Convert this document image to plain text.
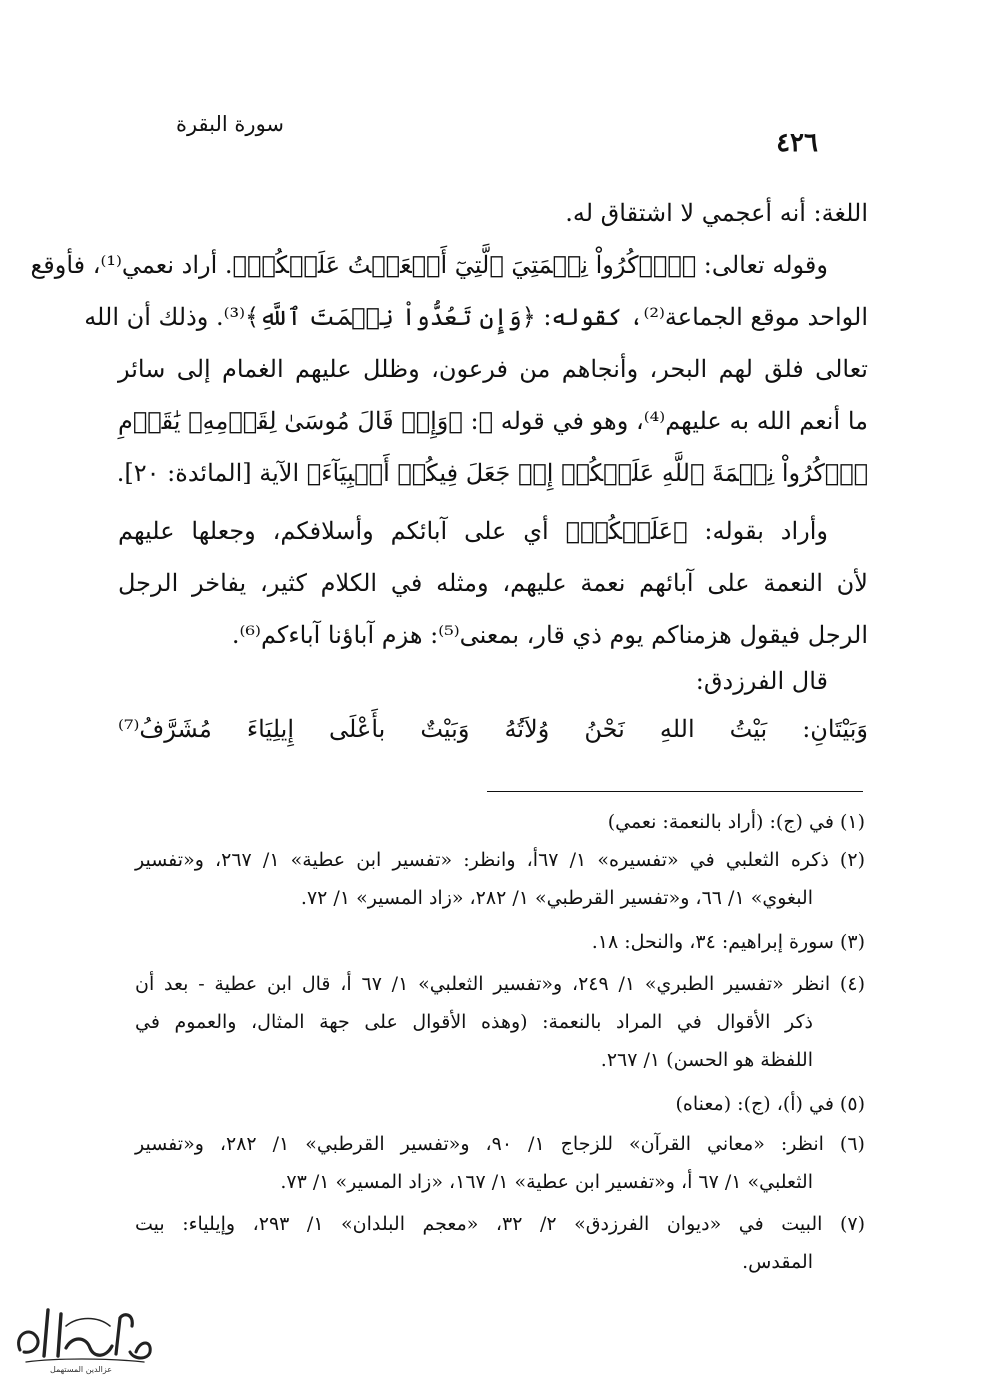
سورة البقرة
٤٢٦
اللغة: أنه أعجمي لا اشتقاق له.
وقوله تعالى: ﴿ٱذۡكُرُواْ نِعۡمَتِيَ ٱلَّتِيٓ أَنۡعَمۡتُ عَلَيۡكُمۡ﴾. أراد نعمي⁽¹⁾، فأوقع
الواحد موقع الجماعة⁽²⁾، كقوله: ﴿وَإِن تَعُدُّواْ نِعۡمَتَ ٱللَّهِ﴾⁽³⁾. وذلك أن الله
تعالى فلق لهم البحر، وأنجاهم من فرعون، وظلل عليهم الغمام إلى سائر
ما أنعم الله به عليهم⁽⁴⁾، وهو في قوله ﷻ: ﴿وَإِذۡ قَالَ مُوسَىٰ لِقَوۡمِهِۦ يَٰقَوۡمِ
ٱذۡكُرُواْ نِعۡمَةَ ٱللَّهِ عَلَيۡكُمۡ إِذۡ جَعَلَ فِيكُمۡ أَنۢبِيَآءَ﴾ الآية [المائدة: ٢٠].
وأراد بقوله: ﴿عَلَيۡكُمۡ﴾ أي على آبائكم وأسلافكم، وجعلها عليهم
لأن النعمة على آبائهم نعمة عليهم، ومثله في الكلام كثير، يفاخر الرجل
الرجل فيقول هزمناكم يوم ذي قار، بمعنى⁽⁵⁾: هزم آباؤنا آباءكم⁽⁶⁾.
قال الفرزدق:
وَبَيْتَانِ: بَيْتُ اللهِ نَحْنُ وُلاَتُهُ وَبَيْتٌ بأَعْلَى إِيلِيَاءَ مُشَرَّفُ⁽⁷⁾
(١) في (ج): (أراد بالنعمة: نعمي)
(٢) ذكره الثعلبي في «تفسيره» ١/ ٦٧أ، وانظر: «تفسير ابن عطية» ١/ ٢٦٧، و«تفسير
البغوي» ١/ ٦٦، و«تفسير القرطبي» ١/ ٢٨٢، «زاد المسير» ١/ ٧٢.
(٣) سورة إبراهيم: ٣٤، والنحل: ١٨.
(٤) انظر «تفسير الطبري» ١/ ٢٤٩، و«تفسير الثعلبي» ١/ ٦٧ أ، قال ابن عطية - بعد أن
ذكر الأقوال في المراد بالنعمة: (وهذه الأقوال على جهة المثال، والعموم في
اللفظة هو الحسن) ١/ ٢٦٧.
(٥) في (أ)، (ج): (معناه)
(٦) انظر: «معاني القرآن» للزجاج ١/ ٩٠، و«تفسير القرطبي» ١/ ٢٨٢، و«تفسير
الثعلبي» ١/ ٦٧ أ، و«تفسير ابن عطية» ١/ ١٦٧، «زاد المسير» ١/ ٧٣.
(٧) البيت في «ديوان الفرزدق» ٢/ ٣٢، «معجم البلدان» ١/ ٢٩٣، وإيلياء: بيت
المقدس.
عزالدين المستهمل
